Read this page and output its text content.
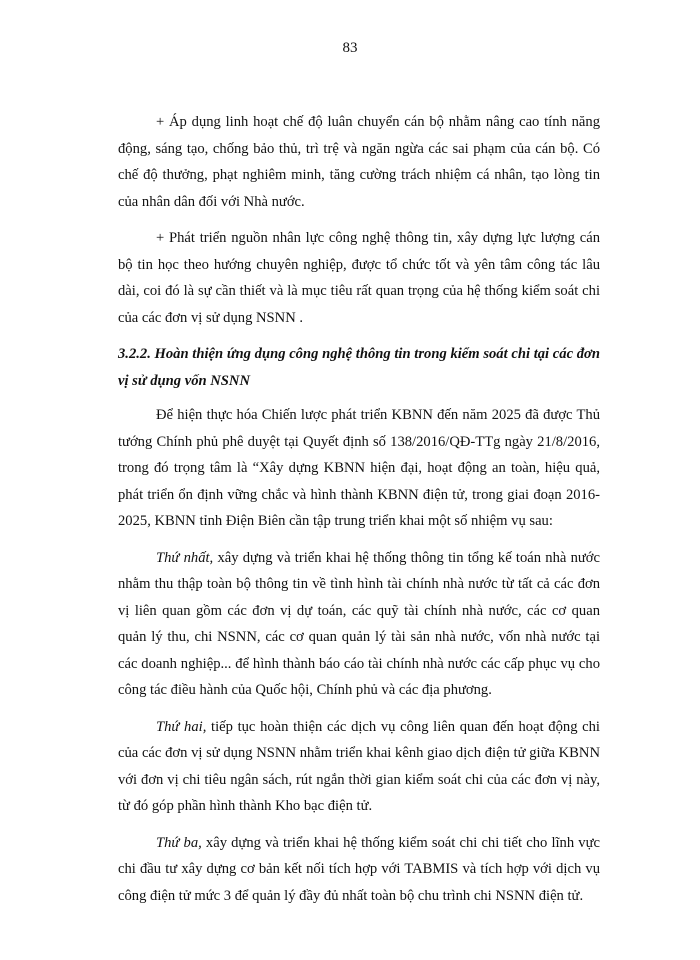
83

+ Áp dụng linh hoạt chế độ luân chuyển cán bộ nhằm nâng cao tính năng động, sáng tạo, chống bảo thủ, trì trệ và ngăn ngừa các sai phạm của cán bộ. Có chế độ thưởng, phạt nghiêm minh, tăng cường trách nhiệm cá nhân, tạo lòng tin của nhân dân đối với Nhà nước.

+ Phát triển nguồn nhân lực công nghệ thông tin, xây dựng lực lượng cán bộ tin học theo hướng chuyên nghiệp, được tổ chức tốt và yên tâm công tác lâu dài, coi đó là sự cần thiết và là mục tiêu rất quan trọng của hệ thống kiểm soát chi của các đơn vị sử dụng NSNN .

3.2.2. Hoàn thiện ứng dụng công nghệ thông tin trong kiểm soát chi tại các đơn vị sử dụng vốn NSNN

Để hiện thực hóa Chiến lược phát triển KBNN đến năm 2025 đã được Thủ tướng Chính phủ phê duyệt tại Quyết định số 138/2016/QĐ-TTg ngày 21/8/2016, trong đó trọng tâm là “Xây dựng KBNN hiện đại, hoạt động an toàn, hiệu quả, phát triển ổn định vững chắc và hình thành KBNN điện tử, trong giai đoạn 2016-2025, KBNN tỉnh Điện Biên cần tập trung triển khai một số nhiệm vụ sau:

Thứ nhất, xây dựng và triển khai hệ thống thông tin tổng kế toán nhà nước nhằm thu thập toàn bộ thông tin về tình hình tài chính nhà nước từ tất cả các đơn vị liên quan gồm các đơn vị dự toán, các quỹ tài chính nhà nước, các cơ quan quản lý thu, chi NSNN, các cơ quan quản lý tài sản nhà nước, vốn nhà nước tại các doanh nghiệp... để hình thành báo cáo tài chính nhà nước các cấp phục vụ cho công tác điều hành của Quốc hội, Chính phủ và các địa phương.

Thứ hai, tiếp tục hoàn thiện các dịch vụ công liên quan đến hoạt động chi của các đơn vị sử dụng NSNN nhằm triển khai kênh giao dịch điện tử giữa KBNN với đơn vị chi tiêu ngân sách, rút ngắn thời gian kiểm soát chi của các đơn vị này, từ đó góp phần hình thành Kho bạc điện tử.

Thứ ba, xây dựng và triển khai hệ thống kiểm soát chi chi tiết cho lĩnh vực chi đầu tư xây dựng cơ bản kết nối tích hợp với TABMIS và tích hợp với dịch vụ công điện tử mức 3 để quản lý đầy đủ nhất toàn bộ chu trình chi NSNN điện tử.
